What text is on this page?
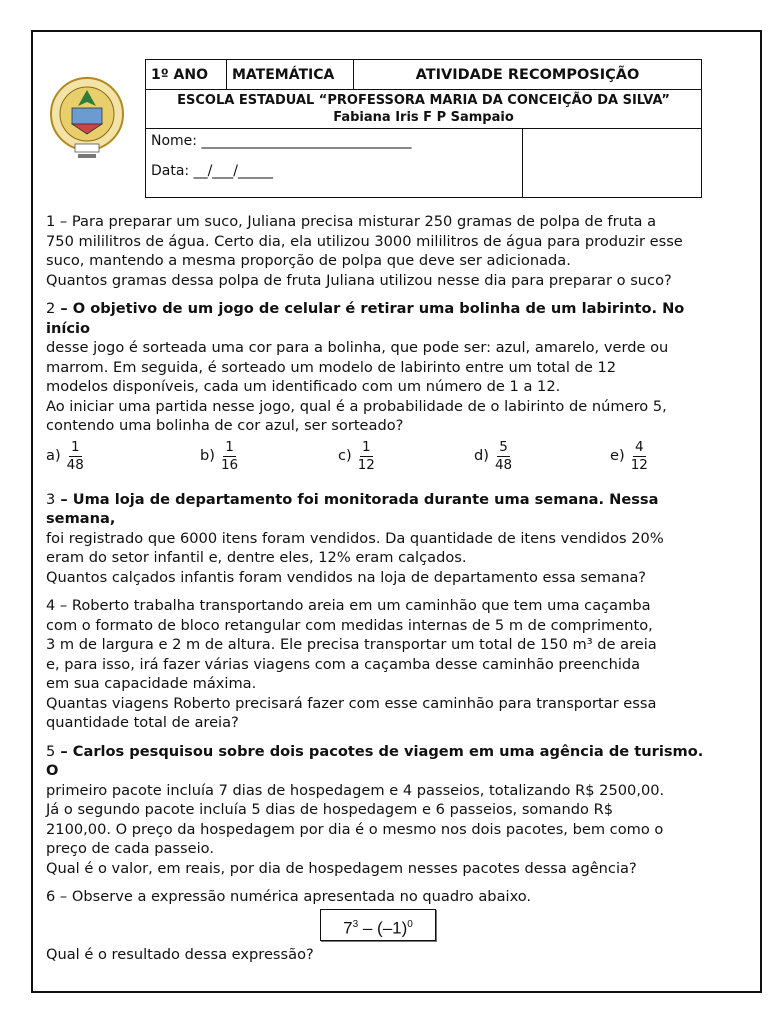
1º ANO	MATEMÁTICA	ATIVIDADE RECOMPOSIÇÃO	
ESCOLA ESTADUAL “PROFESSORA MARIA DA CONCEIÇÃO DA SILVA”
Fabiana Iris F P Sampaio			

Nome: ______________________________
Data: __/___/_____			

1 – Para preparar um suco, Juliana precisa misturar 250 gramas de polpa de fruta a
750 mililitros de água. Certo dia, ela utilizou 3000 mililitros de água para produzir esse
suco, mantendo a mesma proporção de polpa que deve ser adicionada.
Quantos gramas dessa polpa de fruta Juliana utilizou nesse dia para preparar o suco?

2 – O objetivo de um jogo de celular é retirar uma bolinha de um labirinto. No início
desse jogo é sorteada uma cor para a bolinha, que pode ser: azul, amarelo, verde ou
marrom. Em seguida, é sorteado um modelo de labirinto entre um total de 12
modelos disponíveis, cada um identificado com um número de 1 a 12.
Ao iniciar uma partida nesse jogo, qual é a probabilidade de o labirinto de número 5,
contendo uma bolinha de cor azul, ser sorteado?

$a) \frac{1}{48}$	$b) \frac{1}{16}$	$c) \frac{1}{12}$	$d) \frac{5}{48}$	$e) \frac{4}{12}$

3 – Uma loja de departamento foi monitorada durante uma semana. Nessa semana,
foi registrado que 6000 itens foram vendidos. Da quantidade de itens vendidos 20%
eram do setor infantil e, dentre eles, 12% eram calçados.
Quantos calçados infantis foram vendidos na loja de departamento essa semana?

4 – Roberto trabalha transportando areia em um caminhão que tem uma caçamba
com o formato de bloco retangular com medidas internas de 5 m de comprimento,
3 m de largura e 2 m de altura. Ele precisa transportar um total de 150 m³ de areia
e, para isso, irá fazer várias viagens com a caçamba desse caminhão preenchida
em sua capacidade máxima.
Quantas viagens Roberto precisará fazer com esse caminhão para transportar essa
quantidade total de areia?

5 – Carlos pesquisou sobre dois pacotes de viagem em uma agência de turismo. O
primeiro pacote incluía 7 dias de hospedagem e 4 passeios, totalizando R$ 2500,00.
Já o segundo pacote incluía 5 dias de hospedagem e 6 passeios, somando R$
2100,00. O preço da hospedagem por dia é o mesmo nos dois pacotes, bem como o
preço de cada passeio.
Qual é o valor, em reais, por dia de hospedagem nesses pacotes dessa agência?

6 – Observe a expressão numérica apresentada no quadro abaixo.
$7^3 - (-1)^0$
Qual é o resultado dessa expressão?
